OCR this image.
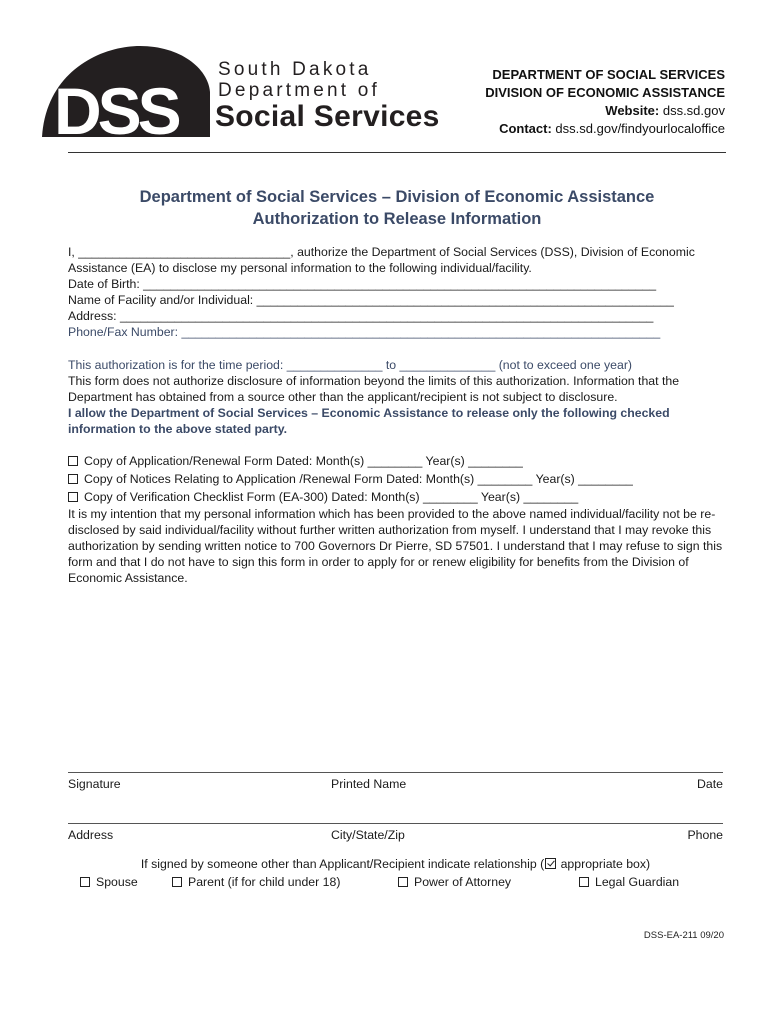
DSS
South Dakota
Department of
Social Services
DEPARTMENT OF SOCIAL SERVICES
DIVISION OF ECONOMIC ASSISTANCE
Website: dss.sd.gov
Contact: dss.sd.gov/findyourlocaloffice
Department of Social Services – Division of Economic Assistance
Authorization to Release Information

I, _______________________________, authorize the Department of Social Services (DSS), Division of Economic Assistance (EA) to disclose my personal information to the following individual/facility.

Date of Birth: ___________________________________________________________________________

Name of Facility and/or Individual: _____________________________________________________________

Address: ______________________________________________________________________________

Phone/Fax Number: ______________________________________________________________________

This authorization is for the time period: ______________ to ______________ (not to exceed one year)

This form does not authorize disclosure of information beyond the limits of this authorization. Information that the Department has obtained from a source other than the applicant/recipient is not subject to disclosure.

I allow the Department of Social Services – Economic Assistance to release only the following checked information to the above stated party.

Copy of Application/Renewal Form Dated: Month(s) ________ Year(s) ________
Copy of Notices Relating to Application /Renewal Form Dated: Month(s) ________ Year(s) ________
Copy of Verification Checklist Form (EA-300) Dated: Month(s) ________ Year(s) ________

It is my intention that my personal information which has been provided to the above named individual/facility not be re-disclosed by said individual/facility without further written authorization from myself. I understand that I may revoke this authorization by sending written notice to 700 Governors Dr Pierre, SD 57501. I understand that I may refuse to sign this form and that I do not have to sign this form in order to apply for or renew eligibility for benefits from the Division of Economic Assistance.

Signature	Printed Name	Date
Address	City/State/Zip	Phone
If signed by someone other than Applicant/Recipient indicate relationship ( appropriate box)
Spouse	Parent (if for child under 18)	Power of Attorney	Legal Guardian
DSS-EA-211 09/20
